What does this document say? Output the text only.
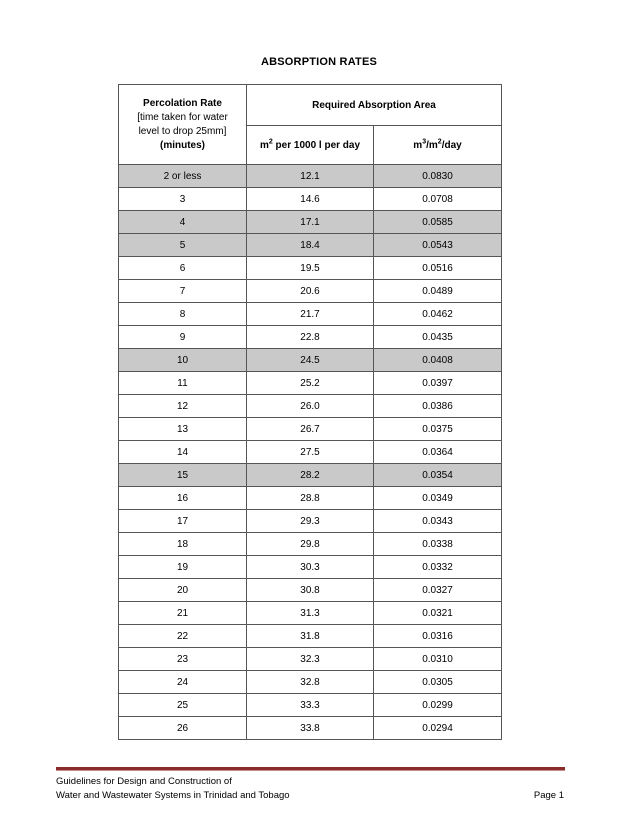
ABSORPTION RATES
Percolation Rate
[time taken for water
level to drop 25mm]
(minutes)	Required Absorption Area	
	$m^2$ per 1000 l per day	$m^3/m^2$/day
2 or less	12.1	0.0830
3	14.6	0.0708
4	17.1	0.0585
5	18.4	0.0543
6	19.5	0.0516
7	20.6	0.0489
8	21.7	0.0462
9	22.8	0.0435
10	24.5	0.0408
11	25.2	0.0397
12	26.0	0.0386
13	26.7	0.0375
14	27.5	0.0364
15	28.2	0.0354
16	28.8	0.0349
17	29.3	0.0343
18	29.8	0.0338
19	30.3	0.0332
20	30.8	0.0327
21	31.3	0.0321
22	31.8	0.0316
23	32.3	0.0310
24	32.8	0.0305
25	33.3	0.0299
26	33.8	0.0294
Guidelines for Design and Construction of
Water and Wastewater Systems in Trinidad and Tobago	Page 1
